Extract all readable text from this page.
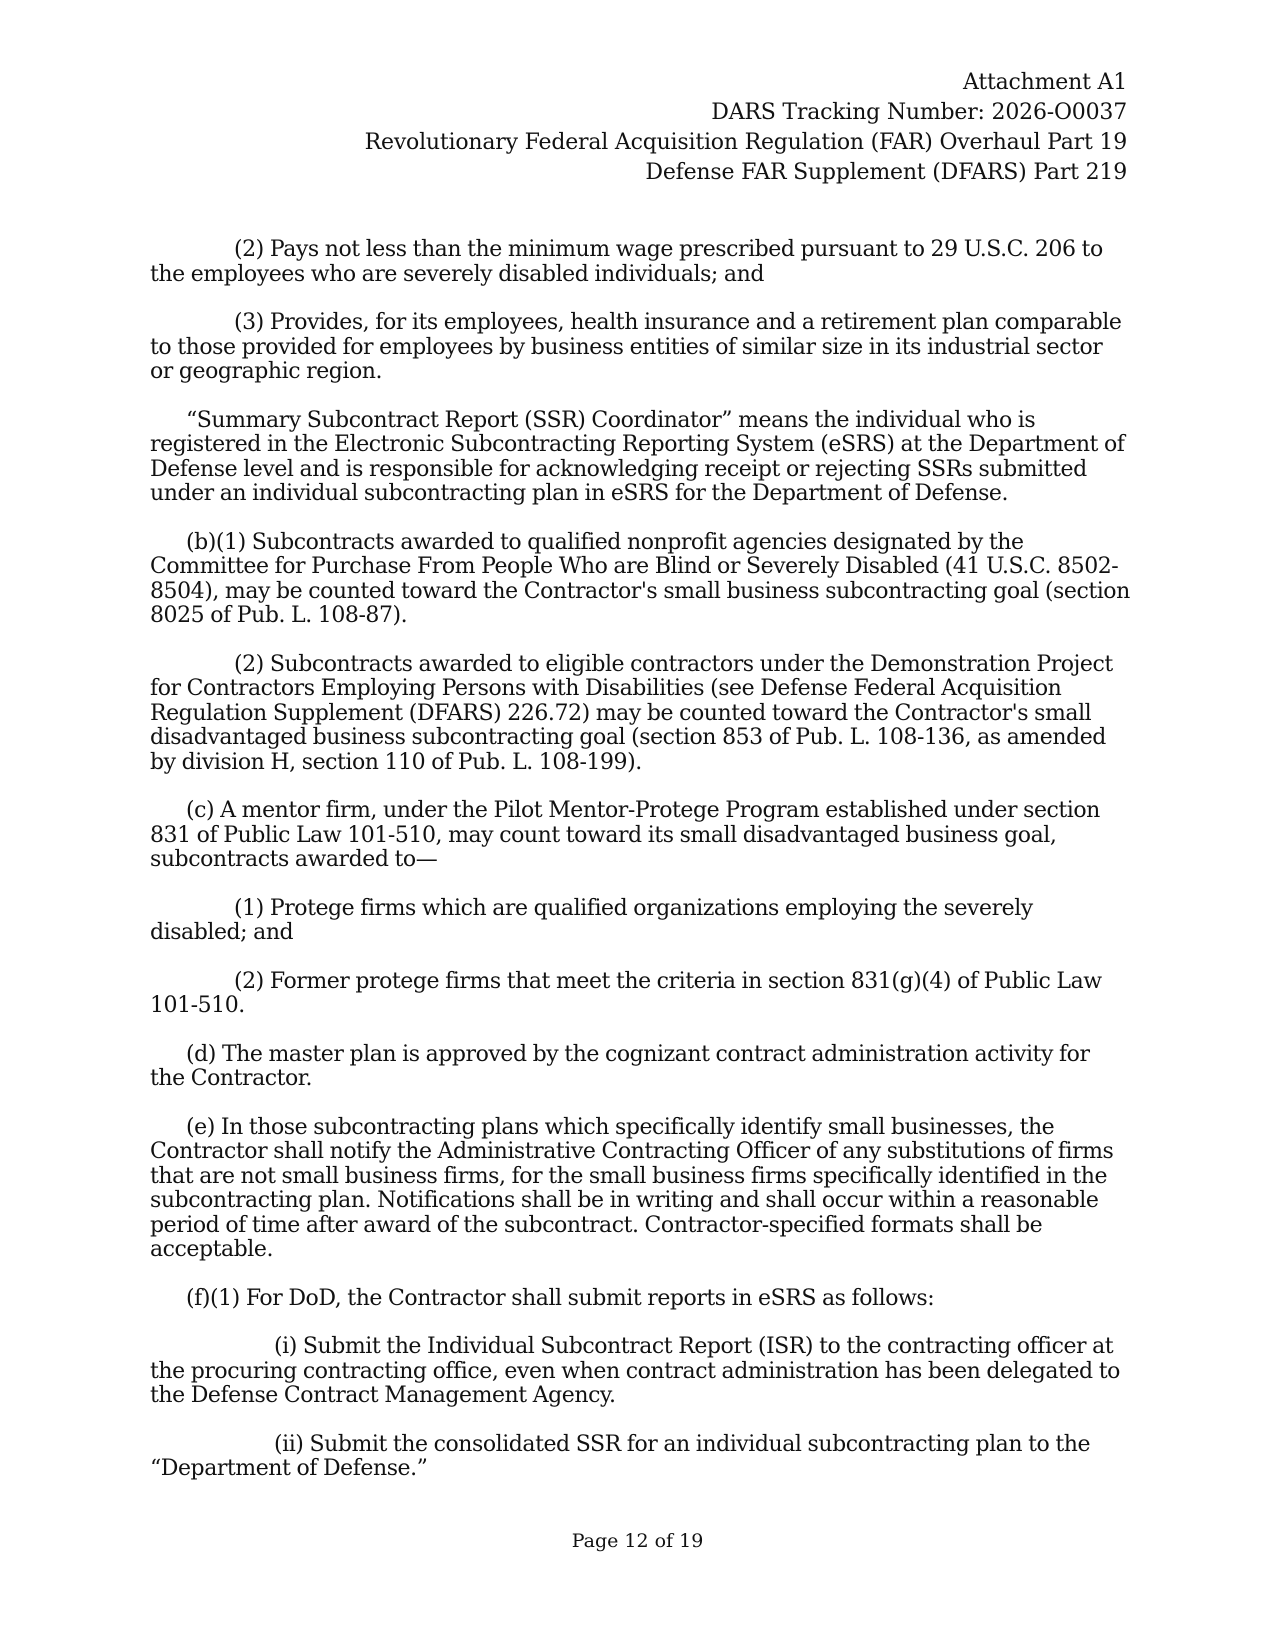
Attachment A1
DARS Tracking Number: 2026-O0037
Revolutionary Federal Acquisition Regulation (FAR) Overhaul Part 19
Defense FAR Supplement (DFARS) Part 219

(2) Pays not less than the minimum wage prescribed pursuant to 29 U.S.C. 206 to the employees who are severely disabled individuals; and

(3) Provides, for its employees, health insurance and a retirement plan comparable to those provided for employees by business entities of similar size in its industrial sector or geographic region.

“Summary Subcontract Report (SSR) Coordinator” means the individual who is registered in the Electronic Subcontracting Reporting System (eSRS) at the Department of Defense level and is responsible for acknowledging receipt or rejecting SSRs submitted under an individual subcontracting plan in eSRS for the Department of Defense.

(b)(1) Subcontracts awarded to qualified nonprofit agencies designated by the Committee for Purchase From People Who are Blind or Severely Disabled (41 U.S.C. 8502-8504), may be counted toward the Contractor's small business subcontracting goal (section 8025 of Pub. L. 108-87).

(2) Subcontracts awarded to eligible contractors under the Demonstration Project for Contractors Employing Persons with Disabilities (see Defense Federal Acquisition Regulation Supplement (DFARS) 226.72) may be counted toward the Contractor's small disadvantaged business subcontracting goal (section 853 of Pub. L. 108-136, as amended by division H, section 110 of Pub. L. 108-199).

(c) A mentor firm, under the Pilot Mentor-Protege Program established under section 831 of Public Law 101-510, may count toward its small disadvantaged business goal, subcontracts awarded to—

(1) Protege firms which are qualified organizations employing the severely disabled; and

(2) Former protege firms that meet the criteria in section 831(g)(4) of Public Law 101-510.

(d) The master plan is approved by the cognizant contract administration activity for the Contractor.

(e) In those subcontracting plans which specifically identify small businesses, the Contractor shall notify the Administrative Contracting Officer of any substitutions of firms that are not small business firms, for the small business firms specifically identified in the subcontracting plan. Notifications shall be in writing and shall occur within a reasonable period of time after award of the subcontract. Contractor-specified formats shall be acceptable.

(f)(1) For DoD, the Contractor shall submit reports in eSRS as follows:

(i) Submit the Individual Subcontract Report (ISR) to the contracting officer at the procuring contracting office, even when contract administration has been delegated to the Defense Contract Management Agency.

(ii) Submit the consolidated SSR for an individual subcontracting plan to the “Department of Defense.”

Page 12 of 19
